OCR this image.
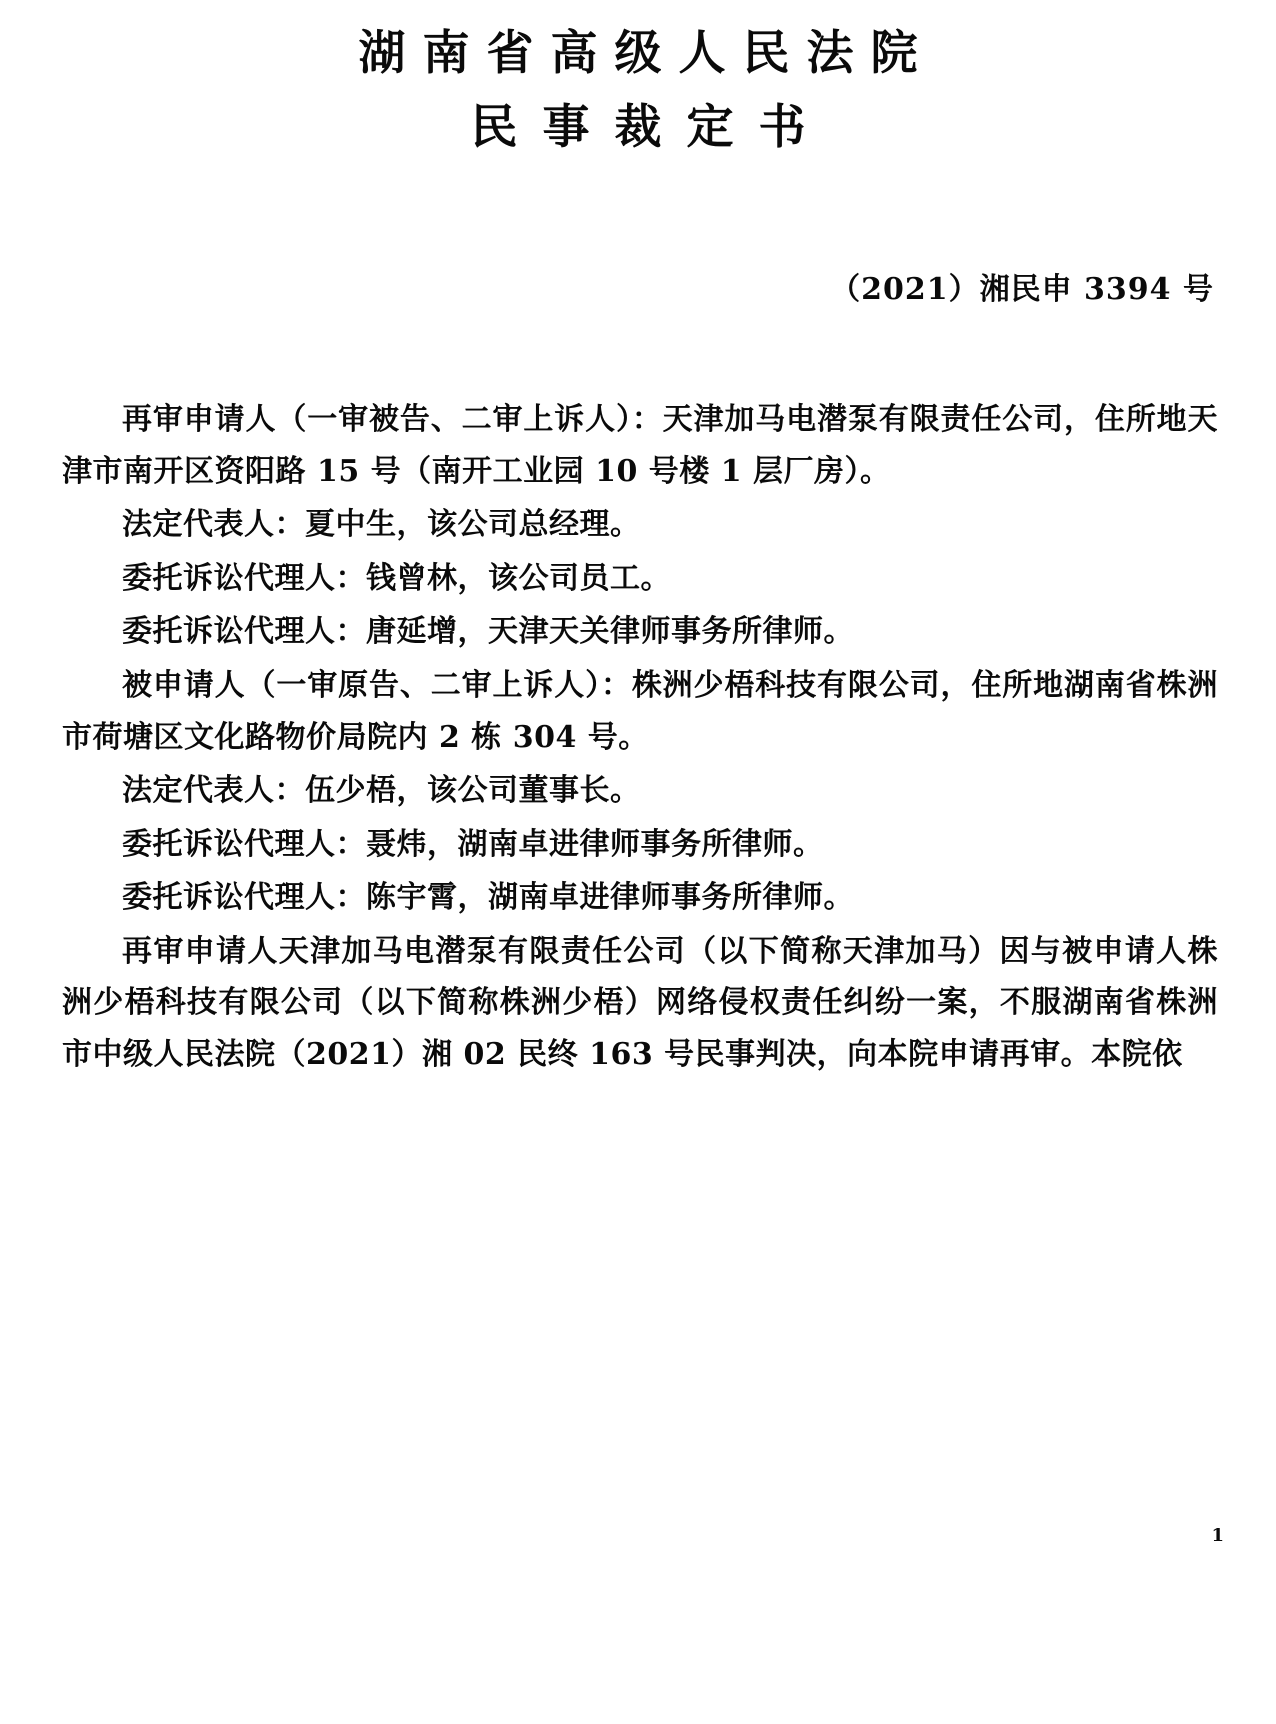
湖南省高级人民法院
民事裁定书
（2021）湘民申 3394 号

再审申请人（一审被告、二审上诉人）：天津加马电潜泵有限责任公司，住所地天津市南开区资阳路 15 号（南开工业园 10 号楼 1 层厂房）。

法定代表人：夏中生，该公司总经理。

委托诉讼代理人：钱曾林，该公司员工。

委托诉讼代理人：唐延增，天津天关律师事务所律师。

被申请人（一审原告、二审上诉人）：株洲少梧科技有限公司，住所地湖南省株洲市荷塘区文化路物价局院内 2 栋 304 号。

法定代表人：伍少梧，该公司董事长。

委托诉讼代理人：聂炜，湖南卓进律师事务所律师。

委托诉讼代理人：陈宇霄，湖南卓进律师事务所律师。

再审申请人天津加马电潜泵有限责任公司（以下简称天津加马）因与被申请人株洲少梧科技有限公司（以下简称株洲少梧）网络侵权责任纠纷一案，不服湖南省株洲市中级人民法院（2021）湘 02 民终 163 号民事判决，向本院申请再审。本院依

1
